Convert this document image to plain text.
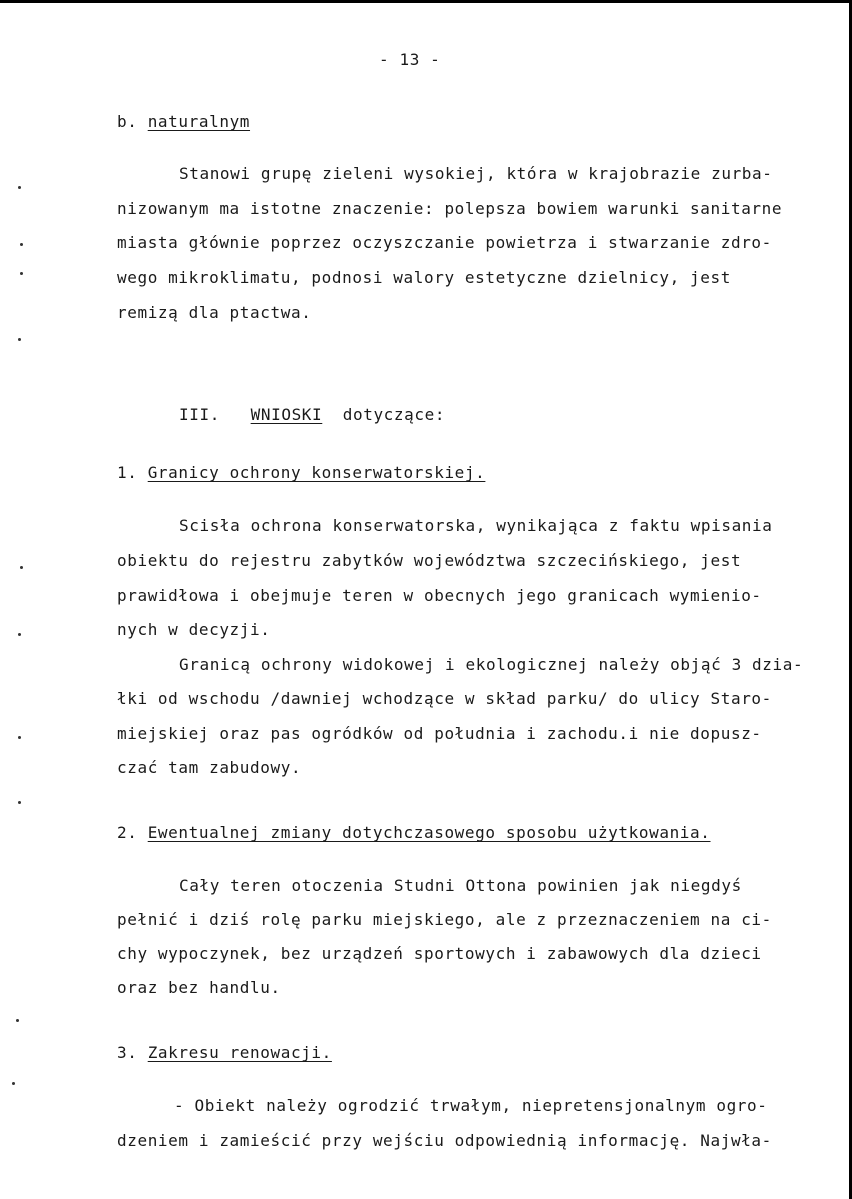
- 13 -
b. naturalnym
Stanowi grupę zieleni wysokiej, która w krajobrazie zurba-
nizowanym ma istotne znaczenie: polepsza bowiem warunki sanitarne
miasta głównie poprzez oczyszczanie powietrza i stwarzanie zdro-
wego mikroklimatu, podnosi walory estetyczne dzielnicy, jest
remizą dla ptactwa.
III. WNIOSKI dotyczące:
1. Granicy ochrony konserwatorskiej.
Scisła ochrona konserwatorska, wynikająca z faktu wpisania
obiektu do rejestru zabytków województwa szczecińskiego, jest
prawidłowa i obejmuje teren w obecnych jego granicach wymienio-
nych w decyzji.
Granicą ochrony widokowej i ekologicznej należy objąć 3 dzia-
łki od wschodu /dawniej wchodzące w skład parku/ do ulicy Staro-
miejskiej oraz pas ogródków od południa i zachodu.i nie dopusz-
czać tam zabudowy.
2. Ewentualnej zmiany dotychczasowego sposobu użytkowania.
Cały teren otoczenia Studni Ottona powinien jak niegdyś
pełnić i dziś rolę parku miejskiego, ale z przeznaczeniem na ci-
chy wypoczynek, bez urządzeń sportowych i zabawowych dla dzieci
oraz bez handlu.
3. Zakresu renowacji.
- Obiekt należy ogrodzić trwałym, niepretensjonalnym ogro-
dzeniem i zamieścić przy wejściu odpowiednią informację. Najwła-
